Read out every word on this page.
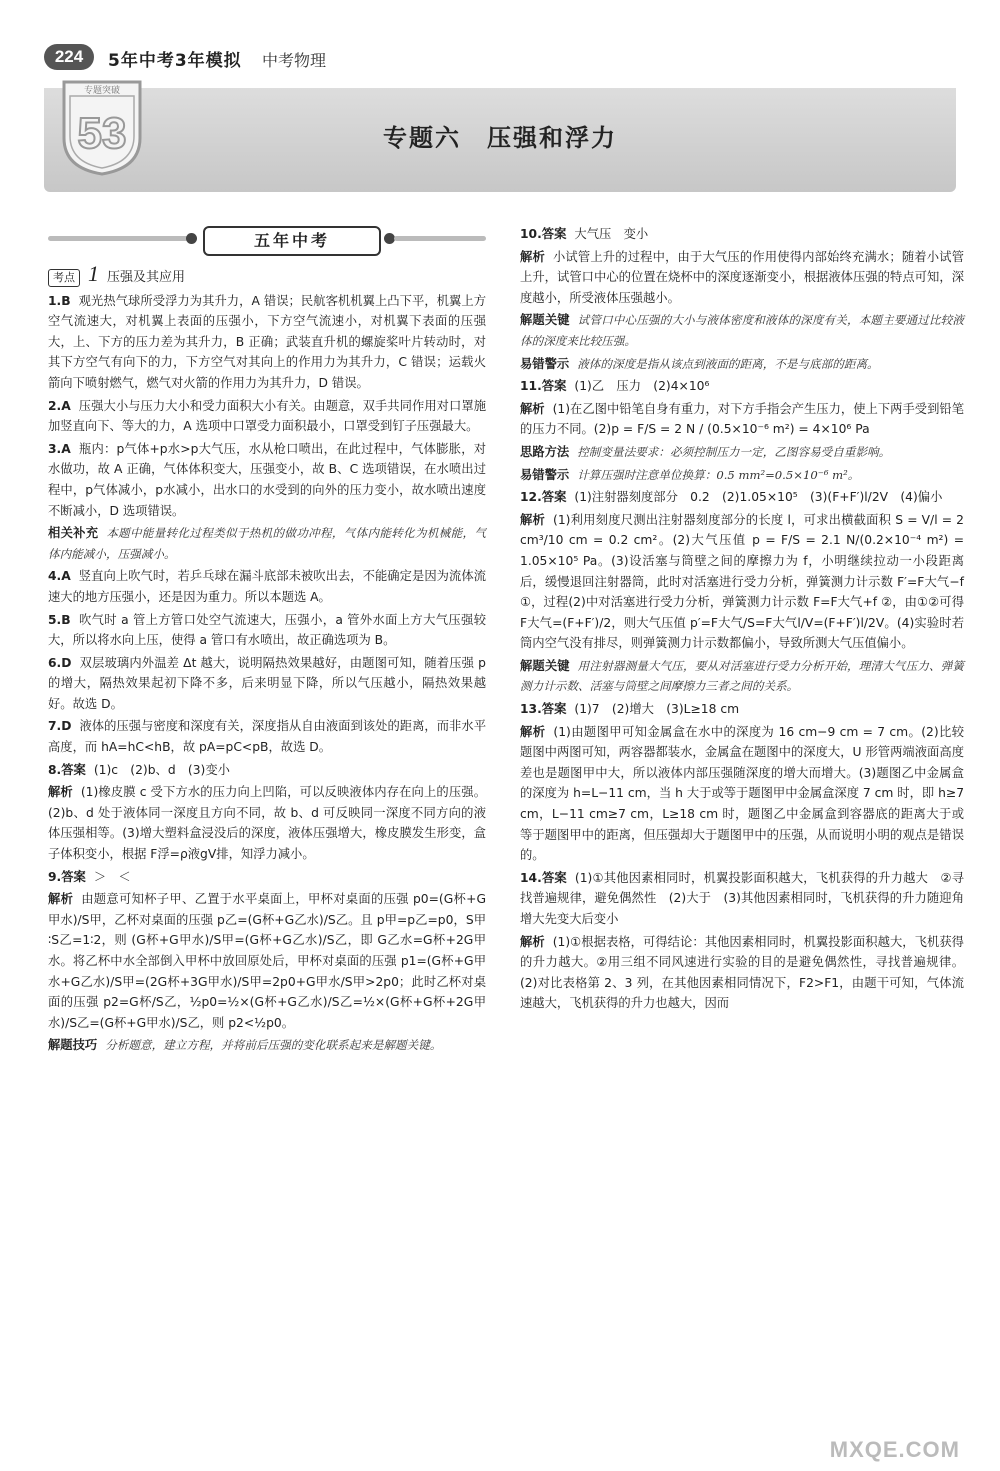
224	5年中考3年模拟 中考物理
专题突破
53	专题六　压强和浮力
五年中考
考点 1 压强及其应用
1.B 观光热气球所受浮力为其升力，A 错误；民航客机机翼上凸下平，机翼上方空气流速大，对机翼上表面的压强小，下方空气流速小，对机翼下表面的压强大，上、下方的压力差为其升力，B 正确；武装直升机的螺旋桨叶片转动时，对其下方空气有向下的力，下方空气对其向上的作用力为其升力，C 错误；运载火箭向下喷射燃气，燃气对火箭的作用力为其升力，D 错误。
2.A 压强大小与压力大小和受力面积大小有关。由题意，双手共同作用对口罩施加竖直向下、等大的力，A 选项中口罩受力面积最小，口罩受到钉子压强最大。
3.A 瓶内：p气体+p水>p大气压，水从枪口喷出，在此过程中，气体膨胀，对水做功，故 A 正确，气体体积变大，压强变小，故 B、C 选项错误，在水喷出过程中，p气体减小，p水减小，出水口的水受到的向外的压力变小，故水喷出速度不断减小，D 选项错误。
相关补充 本题中能量转化过程类似于热机的做功冲程，气体内能转化为机械能，气体内能减小，压强减小。
4.A 竖直向上吹气时，若乒乓球在漏斗底部未被吹出去，不能确定是因为流体流速大的地方压强小，还是因为重力。所以本题选 A。
5.B 吹气时 a 管上方管口处空气流速大，压强小，a 管外水面上方大气压强较大，所以将水向上压，使得 a 管口有水喷出，故正确选项为 B。
6.D 双层玻璃内外温差 Δt 越大，说明隔热效果越好，由题图可知，随着压强 p 的增大，隔热效果起初下降不多，后来明显下降，所以气压越小，隔热效果越好。故选 D。
7.D 液体的压强与密度和深度有关，深度指从自由液面到该处的距离，而非水平高度，而 hA=hC<hB，故 pA=pC<pB，故选 D。
8.答案 (1)c　(2)b、d　(3)变小
解析 (1)橡皮膜 c 受下方水的压力向上凹陷，可以反映液体内存在向上的压强。(2)b、d 处于液体同一深度且方向不同，故 b、d 可反映同一深度不同方向的液体压强相等。(3)增大塑料盒浸没后的深度，液体压强增大，橡皮膜发生形变，盒子体积变小，根据 F浮=ρ液gV排，知浮力减小。
9.答案 ＞　＜
解析 由题意可知杯子甲、乙置于水平桌面上，甲杯对桌面的压强 p0=(G杯+G甲水)/S甲，乙杯对桌面的压强 p乙=(G杯+G乙水)/S乙。且 p甲=p乙=p0，S甲∶S乙=1∶2，则 (G杯+G甲水)/S甲=(G杯+G乙水)/S乙，即 G乙水=G杯+2G甲水。将乙杯中水全部倒入甲杯中放回原处后，甲杯对桌面的压强 p1=(G杯+G甲水+G乙水)/S甲=(2G杯+3G甲水)/S甲=2p0+G甲水/S甲>2p0；此时乙杯对桌面的压强 p2=G杯/S乙，½p0=½×(G杯+G乙水)/S乙=½×(G杯+G杯+2G甲水)/S乙=(G杯+G甲水)/S乙，则 p2<½p0。
解题技巧 分析题意，建立方程，并将前后压强的变化联系起来是解题关键。
10.答案 大气压　变小
解析 小试管上升的过程中，由于大气压的作用使得内部始终充满水；随着小试管上升，试管口中心的位置在烧杯中的深度逐渐变小，根据液体压强的特点可知，深度越小，所受液体压强越小。
解题关键 试管口中心压强的大小与液体密度和液体的深度有关，本题主要通过比较液体的深度来比较压强。
易错警示 液体的深度是指从该点到液面的距离，不是与底部的距离。
11.答案 (1)乙　压力　(2)4×10⁶
解析 (1)在乙图中铅笔自身有重力，对下方手指会产生压力，使上下两手受到铅笔的压力不同。(2)p = F/S = 2 N / (0.5×10⁻⁶ m²) = 4×10⁶ Pa
思路方法 控制变量法要求：必须控制压力一定，乙图容易受自重影响。
易错警示 计算压强时注意单位换算：0.5 mm²=0.5×10⁻⁶ m²。
12.答案 (1)注射器刻度部分　0.2　(2)1.05×10⁵　(3)(F+F′)l/2V　(4)偏小
解析 (1)利用刻度尺测出注射器刻度部分的长度 l，可求出横截面积 S = V/l = 2 cm³/10 cm = 0.2 cm²。(2)大气压值 p = F/S = 2.1 N/(0.2×10⁻⁴ m²) = 1.05×10⁵ Pa。(3)设活塞与筒壁之间的摩擦力为 f，小明继续拉动一小段距离后，缓慢退回注射器筒，此时对活塞进行受力分析，弹簧测力计示数 F′=F大气−f ①，过程(2)中对活塞进行受力分析，弹簧测力计示数 F=F大气+f ②，由①②可得 F大气=(F+F′)/2，则大气压值 p′=F大气/S=F大气l/V=(F+F′)l/2V。(4)实验时若筒内空气没有排尽，则弹簧测力计示数都偏小，导致所测大气压值偏小。
解题关键 用注射器测量大气压，要从对活塞进行受力分析开始，理清大气压力、弹簧测力计示数、活塞与筒壁之间摩擦力三者之间的关系。
13.答案 (1)7　(2)增大　(3)L≥18 cm
解析 (1)由题图甲可知金属盒在水中的深度为 16 cm−9 cm = 7 cm。(2)比较题图中两图可知，两容器都装水，金属盒在题图中的深度大，U 形管两端液面高度差也是题图甲中大，所以液体内部压强随深度的增大而增大。(3)题图乙中金属盒的深度为 h=L−11 cm，当 h 大于或等于题图甲中金属盒深度 7 cm 时，即 h≥7 cm，L−11 cm≥7 cm，L≥18 cm 时，题图乙中金属盒到容器底的距离大于或等于题图甲中的距离，但压强却大于题图甲中的压强，从而说明小明的观点是错误的。
14.答案 (1)①其他因素相同时，机翼投影面积越大，飞机获得的升力越大　②寻找普遍规律，避免偶然性　(2)大于　(3)其他因素相同时，飞机获得的升力随迎角增大先变大后变小
解析 (1)①根据表格，可得结论：其他因素相同时，机翼投影面积越大，飞机获得的升力越大。②用三组不同风速进行实验的目的是避免偶然性，寻找普遍规律。(2)对比表格第 2、3 列，在其他因素相同情况下，F2>F1，由题干可知，气体流速越大，飞机获得的升力也越大，因而
MXQE.COM
